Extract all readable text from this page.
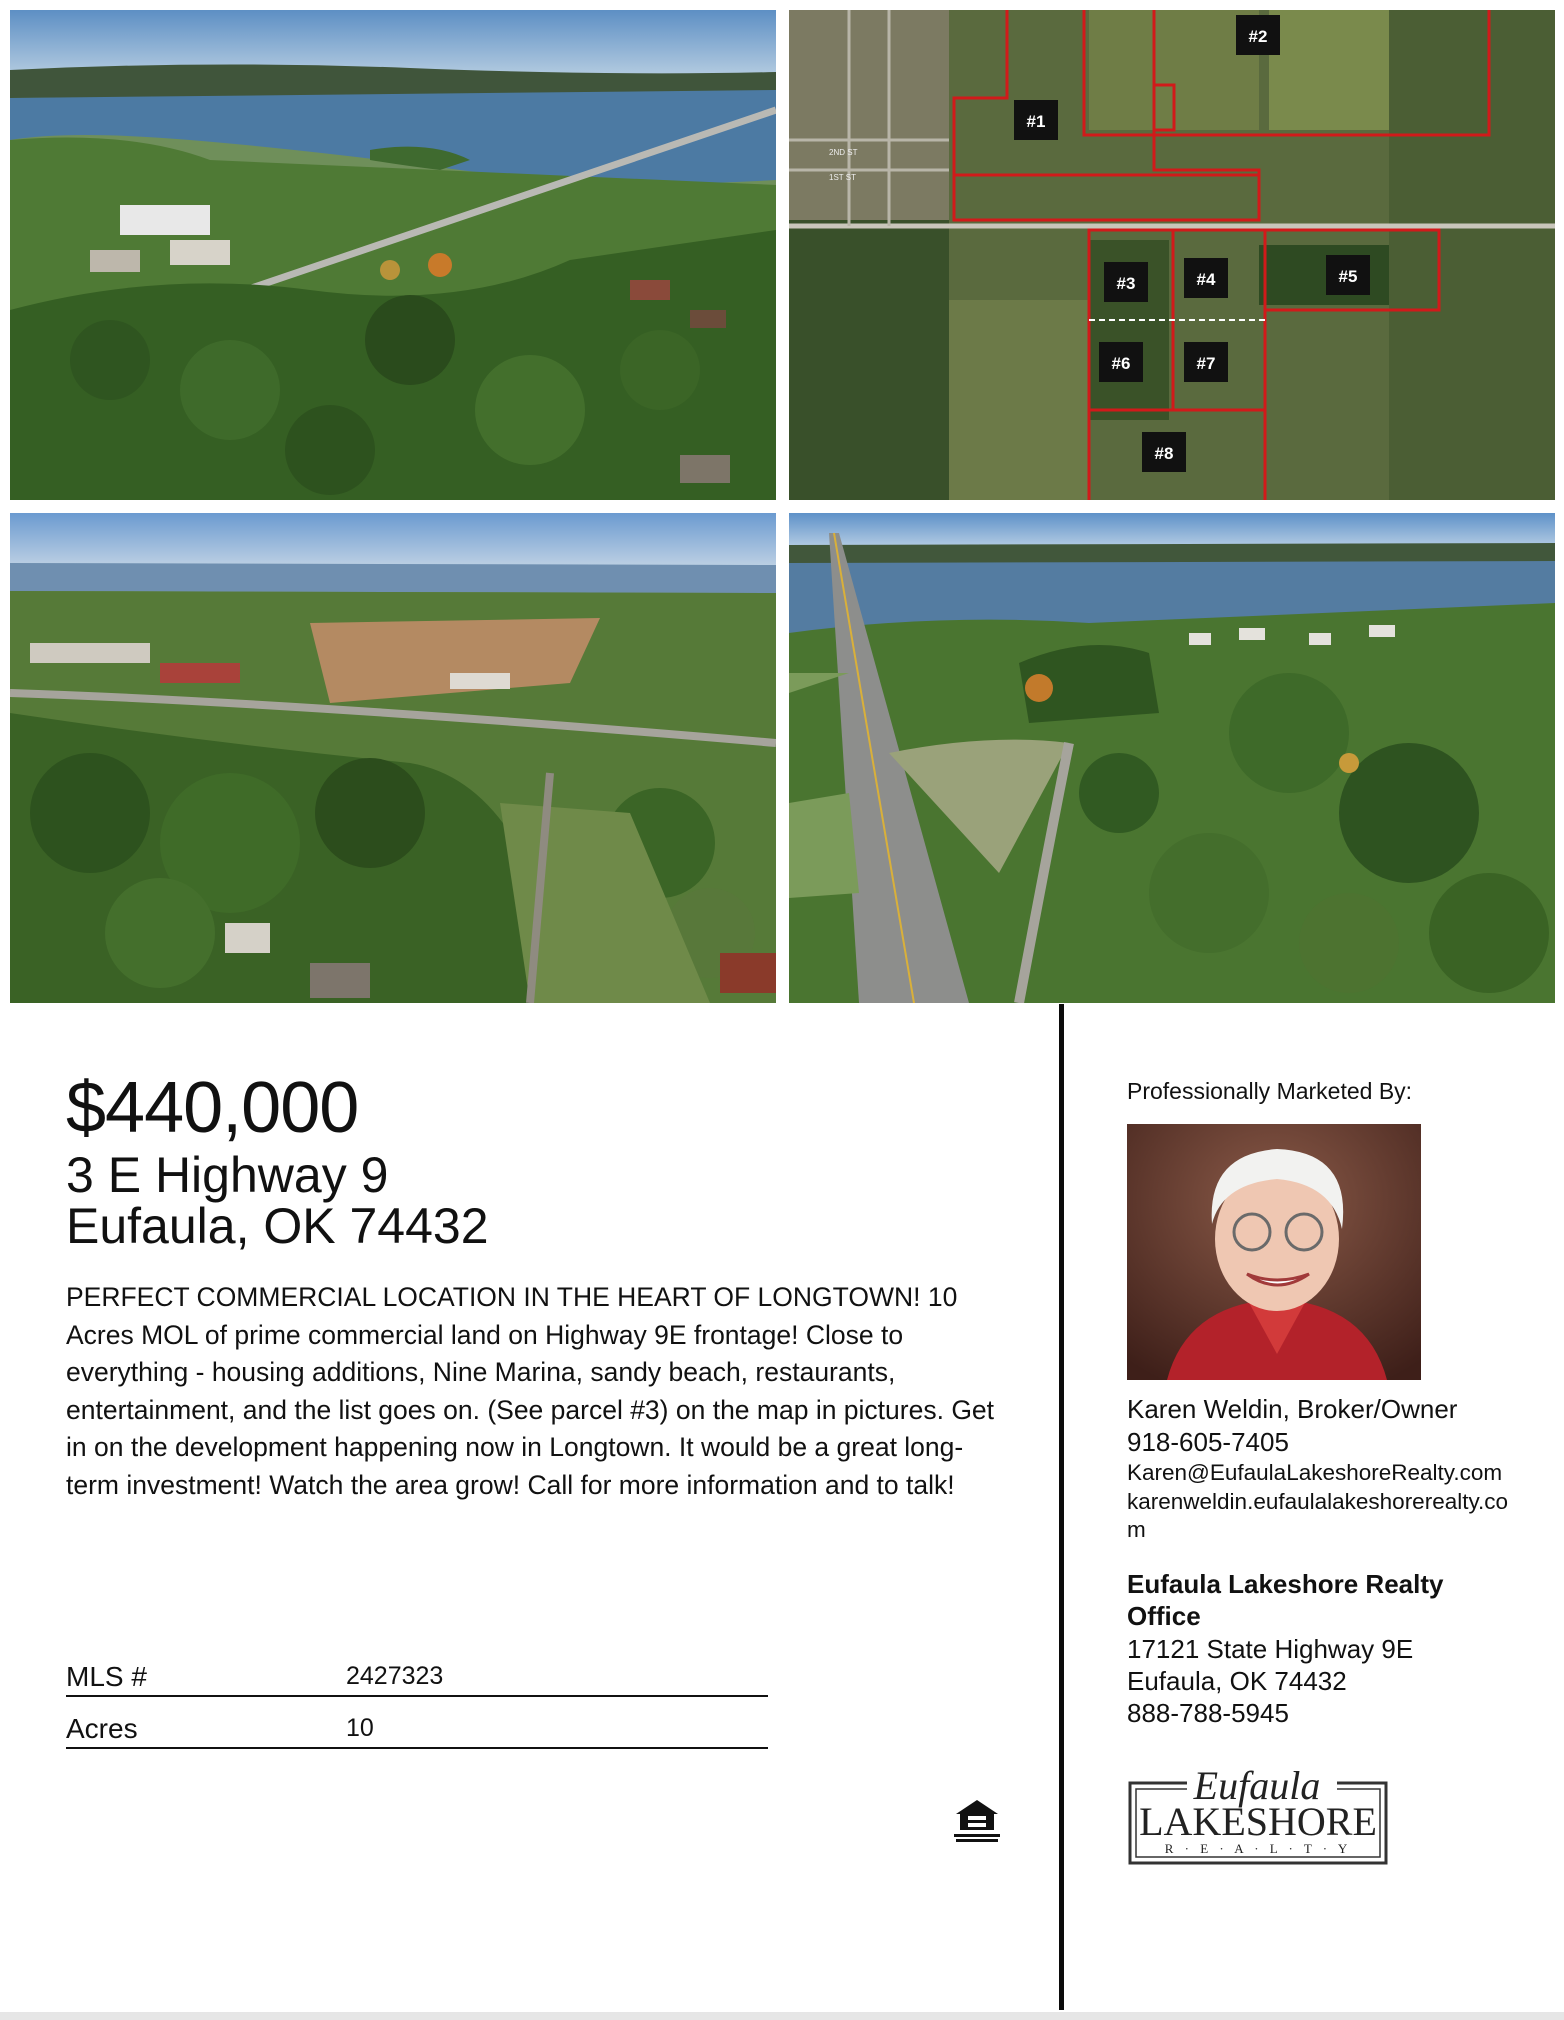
#1
#2
#3	#4	#5
#6	#7
#8
2ND ST
1ST ST
$440,000
3 E Highway 9
Eufaula, OK 74432
PERFECT COMMERCIAL LOCATION IN THE HEART OF LONGTOWN! 10 Acres MOL of prime commercial land on Highway 9E frontage! Close to everything - housing additions, Nine Marina, sandy beach, restaurants, entertainment, and the list goes on. (See parcel #3) on the map in pictures. Get in on the development happening now in Longtown. It would be a great long-term investment! Watch the area grow! Call for more information and to talk!
MLS #	2427323
Acres	10
Professionally Marketed By:
Karen Weldin, Broker/Owner
918-605-7405
Karen@EufaulaLakeshoreRealty.com
karenweldin.eufaulalakeshorerealty.co
m
Eufaula Lakeshore Realty
Office
17121 State Highway 9E
Eufaula, OK 74432
888-788-5945
Eufaula
LAKESHORE
R · E · A · L · T · Y
